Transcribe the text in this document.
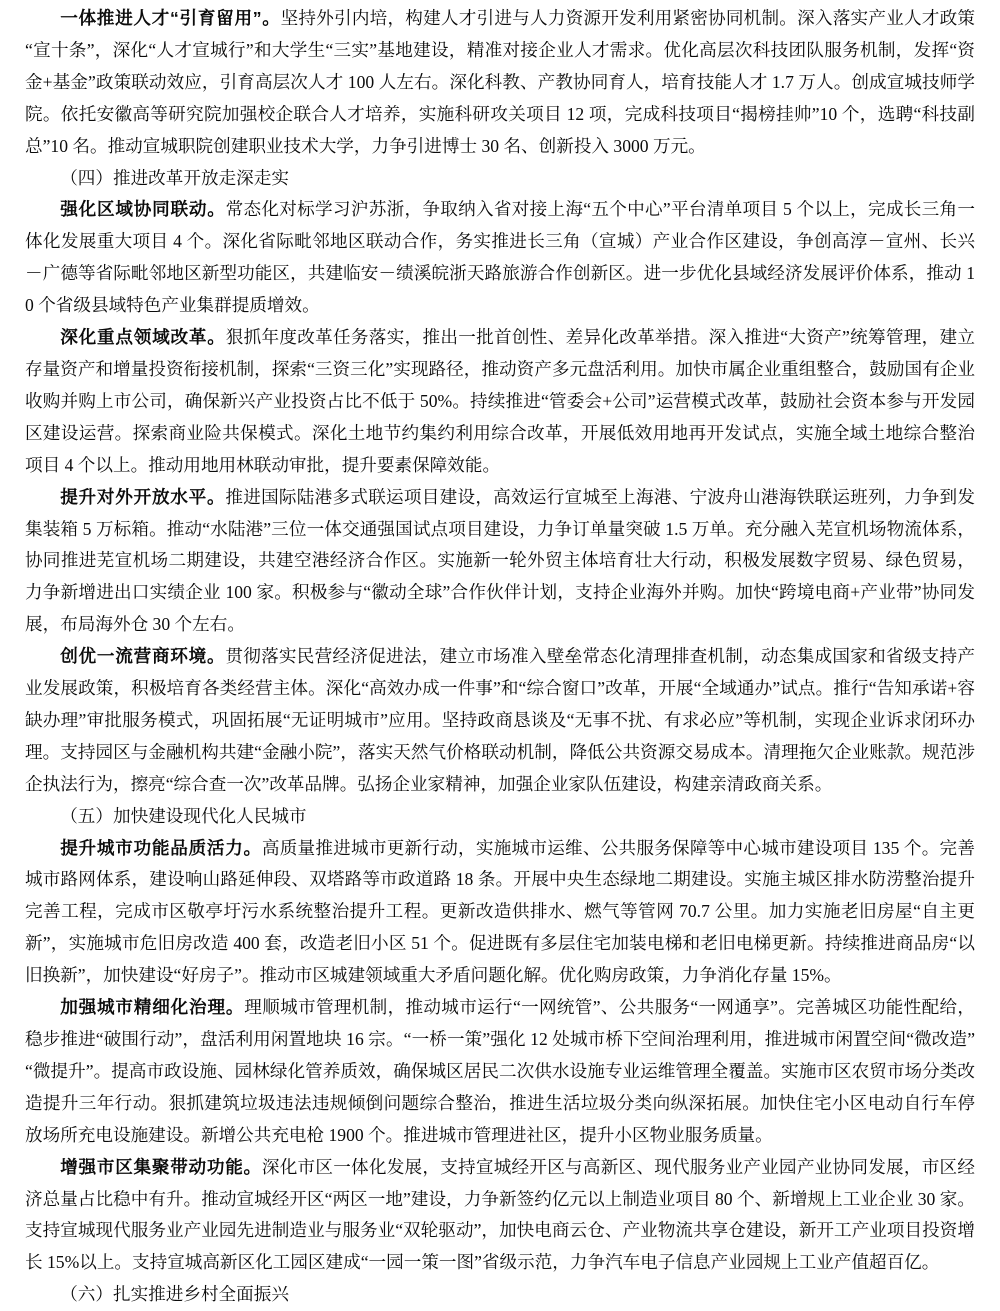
一体推进人才“引育留用”。坚持外引内培，构建人才引进与人力资源开发利用紧密协同机制。深入落实产业人才政策“宣十条”，深化“人才宣城行”和大学生“三实”基地建设，精准对接企业人才需求。优化高层次科技团队服务机制，发挥“资金+基金”政策联动效应，引育高层次人才 100 人左右。深化科教、产教协同育人，培育技能人才 1.7 万人。创成宣城技师学院。依托安徽高等研究院加强校企联合人才培养，实施科研攻关项目 12 项，完成科技项目“揭榜挂帅”10 个，选聘“科技副总”10 名。推动宣城职院创建职业技术大学，力争引进博士 30 名、创新投入 3000 万元。

（四）推进改革开放走深走实

强化区域协同联动。常态化对标学习沪苏浙，争取纳入省对接上海“五个中心”平台清单项目 5 个以上，完成长三角一体化发展重大项目 4 个。深化省际毗邻地区联动合作，务实推进长三角（宣城）产业合作区建设，争创高淳－宣州、长兴－广德等省际毗邻地区新型功能区，共建临安－绩溪皖浙天路旅游合作创新区。进一步优化县域经济发展评价体系，推动 10 个省级县域特色产业集群提质增效。

深化重点领域改革。狠抓年度改革任务落实，推出一批首创性、差异化改革举措。深入推进“大资产”统筹管理，建立存量资产和增量投资衔接机制，探索“三资三化”实现路径，推动资产多元盘活利用。加快市属企业重组整合，鼓励国有企业收购并购上市公司，确保新兴产业投资占比不低于 50%。持续推进“管委会+公司”运营模式改革，鼓励社会资本参与开发园区建设运营。探索商业险共保模式。深化土地节约集约利用综合改革，开展低效用地再开发试点，实施全域土地综合整治项目 4 个以上。推动用地用林联动审批，提升要素保障效能。

提升对外开放水平。推进国际陆港多式联运项目建设，高效运行宣城至上海港、宁波舟山港海铁联运班列，力争到发集装箱 5 万标箱。推动“水陆港”三位一体交通强国试点项目建设，力争订单量突破 1.5 万单。充分融入芜宣机场物流体系，协同推进芜宣机场二期建设，共建空港经济合作区。实施新一轮外贸主体培育壮大行动，积极发展数字贸易、绿色贸易，力争新增进出口实绩企业 100 家。积极参与“徽动全球”合作伙伴计划，支持企业海外并购。加快“跨境电商+产业带”协同发展，布局海外仓 30 个左右。

创优一流营商环境。贯彻落实民营经济促进法，建立市场准入壁垒常态化清理排查机制，动态集成国家和省级支持产业发展政策，积极培育各类经营主体。深化“高效办成一件事”和“综合窗口”改革，开展“全域通办”试点。推行“告知承诺+容缺办理”审批服务模式，巩固拓展“无证明城市”应用。坚持政商恳谈及“无事不扰、有求必应”等机制，实现企业诉求闭环办理。支持园区与金融机构共建“金融小院”，落实天然气价格联动机制，降低公共资源交易成本。清理拖欠企业账款。规范涉企执法行为，擦亮“综合查一次”改革品牌。弘扬企业家精神，加强企业家队伍建设，构建亲清政商关系。

（五）加快建设现代化人民城市

提升城市功能品质活力。高质量推进城市更新行动，实施城市运维、公共服务保障等中心城市建设项目 135 个。完善城市路网体系，建设响山路延伸段、双塔路等市政道路 18 条。开展中央生态绿地二期建设。实施主城区排水防涝整治提升完善工程，完成市区敬亭圩污水系统整治提升工程。更新改造供排水、燃气等管网 70.7 公里。加力实施老旧房屋“自主更新”，实施城市危旧房改造 400 套，改造老旧小区 51 个。促进既有多层住宅加装电梯和老旧电梯更新。持续推进商品房“以旧换新”，加快建设“好房子”。推动市区城建领域重大矛盾问题化解。优化购房政策，力争消化存量 15%。

加强城市精细化治理。理顺城市管理机制，推动城市运行“一网统管”、公共服务“一网通享”。完善城区功能性配给，稳步推进“破围行动”，盘活利用闲置地块 16 宗。“一桥一策”强化 12 处城市桥下空间治理利用，推进城市闲置空间“微改造”“微提升”。提高市政设施、园林绿化管养质效，确保城区居民二次供水设施专业运维管理全覆盖。实施市区农贸市场分类改造提升三年行动。狠抓建筑垃圾违法违规倾倒问题综合整治，推进生活垃圾分类向纵深拓展。加快住宅小区电动自行车停放场所充电设施建设。新增公共充电枪 1900 个。推进城市管理进社区，提升小区物业服务质量。

增强市区集聚带动功能。深化市区一体化发展，支持宣城经开区与高新区、现代服务业产业园产业协同发展，市区经济总量占比稳中有升。推动宣城经开区“两区一地”建设，力争新签约亿元以上制造业项目 80 个、新增规上工业企业 30 家。支持宣城现代服务业产业园先进制造业与服务业“双轮驱动”，加快电商云仓、产业物流共享仓建设，新开工产业项目投资增长 15%以上。支持宣城高新区化工园区建成“一园一策一图”省级示范，力争汽车电子信息产业园规上工业产值超百亿。

（六）扎实推进乡村全面振兴
